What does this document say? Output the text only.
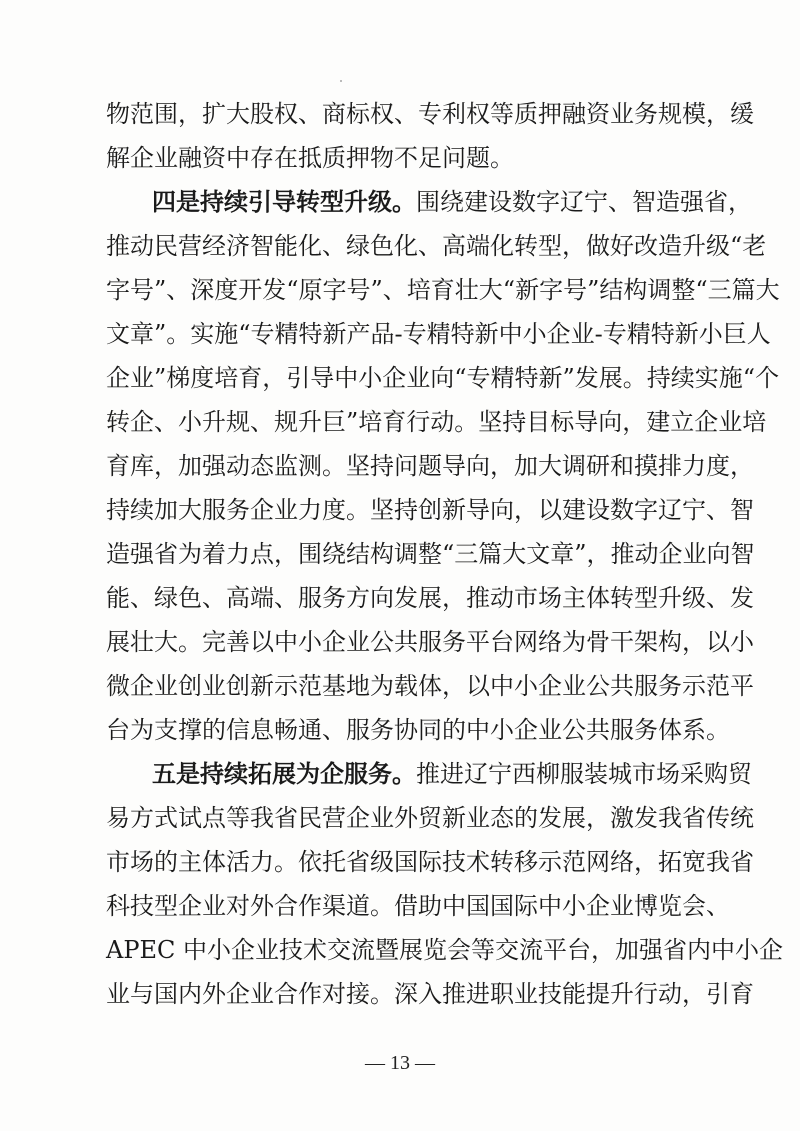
物范围，扩大股权、商标权、专利权等质押融资业务规模，缓
解企业融资中存在抵质押物不足问题。
四是持续引导转型升级。围绕建设数字辽宁、智造强省，
推动民营经济智能化、绿色化、高端化转型，做好改造升级“老
字号”、深度开发“原字号”、培育壮大“新字号”结构调整“三篇大
文章”。实施“专精特新产品-专精特新中小企业-专精特新小巨人
企业”梯度培育，引导中小企业向“专精特新”发展。持续实施“个
转企、小升规、规升巨”培育行动。坚持目标导向，建立企业培
育库，加强动态监测。坚持问题导向，加大调研和摸排力度，
持续加大服务企业力度。坚持创新导向，以建设数字辽宁、智
造强省为着力点，围绕结构调整“三篇大文章”，推动企业向智
能、绿色、高端、服务方向发展，推动市场主体转型升级、发
展壮大。完善以中小企业公共服务平台网络为骨干架构，以小
微企业创业创新示范基地为载体，以中小企业公共服务示范平
台为支撑的信息畅通、服务协同的中小企业公共服务体系。
五是持续拓展为企服务。推进辽宁西柳服装城市场采购贸
易方式试点等我省民营企业外贸新业态的发展，激发我省传统
市场的主体活力。依托省级国际技术转移示范网络，拓宽我省
科技型企业对外合作渠道。借助中国国际中小企业博览会、
APEC 中小企业技术交流暨展览会等交流平台，加强省内中小企
业与国内外企业合作对接。深入推进职业技能提升行动，引育
— 13 —
